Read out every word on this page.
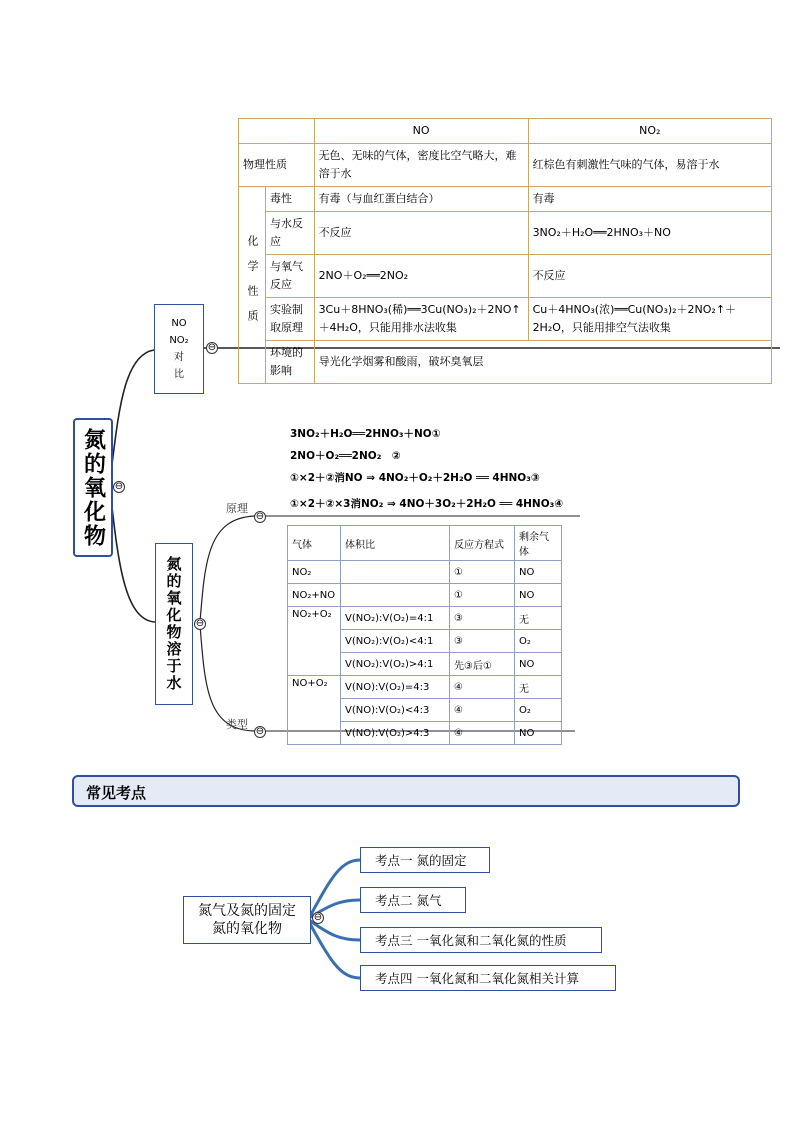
氮的氧化物 ⊖
NO
NO₂
对
比
⊖
		NO	NO₂
物理性质		无色、无味的气体，密度比空气略大，难溶于水	红棕色有刺激性气味的气体，易溶于水
化学性质	毒性	有毒（与血红蛋白结合）	有毒
	与水反应	不反应	3NO₂＋H₂O══2HNO₃＋NO
	与氧气反应	2NO＋O₂══2NO₂	不反应
	实验制取原理	3Cu＋8HNO₃(稀)══3Cu(NO₃)₂＋2NO↑＋4H₂O，只能用排水法收集	Cu＋4HNO₃(浓)══Cu(NO₃)₂＋2NO₂↑＋2H₂O，只能用排空气法收集
	环境的影响	导光化学烟雾和酸雨，破坏臭氧层	
氮的氧化物溶于水 ⊖
原理
⊖
类型
⊖
3NO₂＋H₂O══2HNO₃＋NO①
2NO＋O₂══2NO₂　②
①×2＋②消NO ⇒ 4NO₂＋O₂＋2H₂O ══ 4HNO₃③
①×2＋②×3消NO₂ ⇒ 4NO＋3O₂＋2H₂O ══ 4HNO₃④
气体	体积比	反应方程式	剩余气体
NO₂		①	NO
NO₂+NO		①	NO
NO₂+O₂	V(NO₂):V(O₂)=4:1	③	无
	V(NO₂):V(O₂)<4:1	③	O₂
	V(NO₂):V(O₂)>4:1	先③后①	NO
NO+O₂	V(NO):V(O₂)=4:3	④	无
	V(NO):V(O₂)<4:3	④	O₂
	V(NO):V(O₂)>4:3	④	NO
常见考点
氮气及氮的固定
氮的氧化物
⊖
考点一 氮的固定
考点二 氮气
考点三 一氧化氮和二氧化氮的性质
考点四 一氧化氮和二氧化氮相关计算
